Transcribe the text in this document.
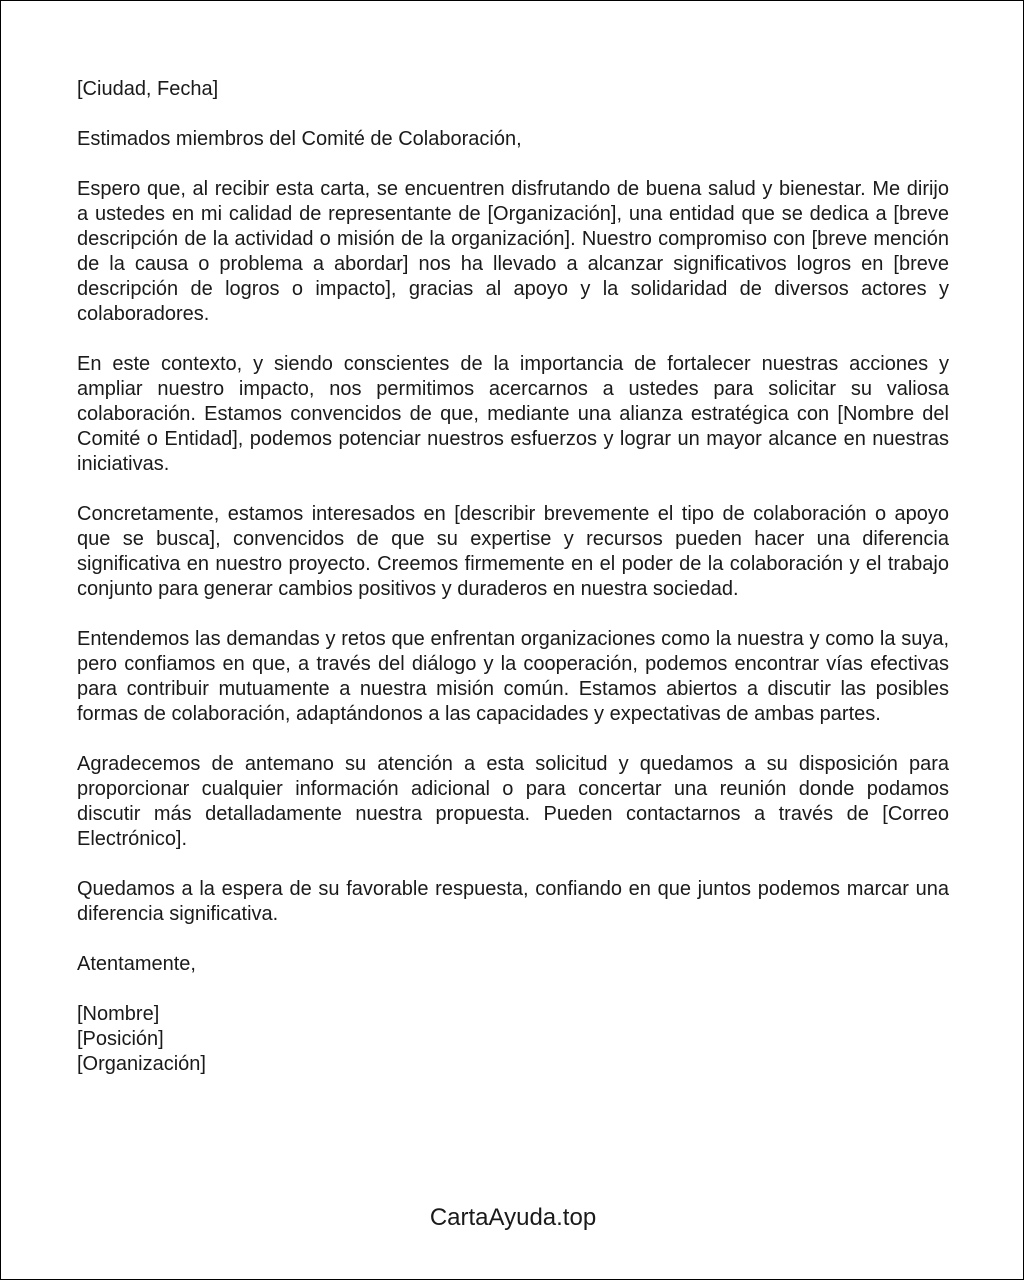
[Ciudad, Fecha]

Estimados miembros del Comité de Colaboración,

Espero que, al recibir esta carta, se encuentren disfrutando de buena salud y bienestar. Me dirijo a ustedes en mi calidad de representante de [Organización], una entidad que se dedica a [breve descripción de la actividad o misión de la organización]. Nuestro compromiso con [breve mención de la causa o problema a abordar] nos ha llevado a alcanzar significativos logros en [breve descripción de logros o impacto], gracias al apoyo y la solidaridad de diversos actores y colaboradores.

En este contexto, y siendo conscientes de la importancia de fortalecer nuestras acciones y ampliar nuestro impacto, nos permitimos acercarnos a ustedes para solicitar su valiosa colaboración. Estamos convencidos de que, mediante una alianza estratégica con [Nombre del Comité o Entidad], podemos potenciar nuestros esfuerzos y lograr un mayor alcance en nuestras iniciativas.

Concretamente, estamos interesados en [describir brevemente el tipo de colaboración o apoyo que se busca], convencidos de que su expertise y recursos pueden hacer una diferencia significativa en nuestro proyecto. Creemos firmemente en el poder de la colaboración y el trabajo conjunto para generar cambios positivos y duraderos en nuestra sociedad.

Entendemos las demandas y retos que enfrentan organizaciones como la nuestra y como la suya, pero confiamos en que, a través del diálogo y la cooperación, podemos encontrar vías efectivas para contribuir mutuamente a nuestra misión común. Estamos abiertos a discutir las posibles formas de colaboración, adaptándonos a las capacidades y expectativas de ambas partes.

Agradecemos de antemano su atención a esta solicitud y quedamos a su disposición para proporcionar cualquier información adicional o para concertar una reunión donde podamos discutir más detalladamente nuestra propuesta. Pueden contactarnos a través de [Correo Electrónico].

Quedamos a la espera de su favorable respuesta, confiando en que juntos podemos marcar una diferencia significativa.

Atentamente,

[Nombre]
[Posición]
[Organización]
CartaAyuda.top
